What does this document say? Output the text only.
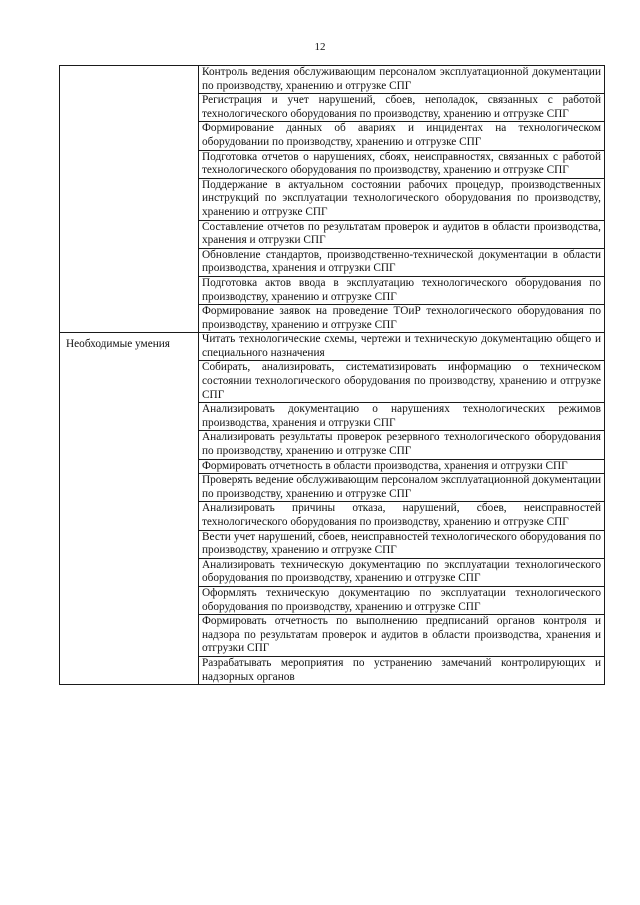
12
	Контроль ведения обслуживающим персоналом эксплуатационной документации по производству, хранению и отгрузке СПГ
	Регистрация и учет нарушений, сбоев, неполадок, связанных с работой технологического оборудования по производству, хранению и отгрузке СПГ
	Формирование данных об авариях и инцидентах на технологическом оборудовании по производству, хранению и отгрузке СПГ
	Подготовка отчетов о нарушениях, сбоях, неисправностях, связанных с работой технологического оборудования по производству, хранению и отгрузке СПГ
	Поддержание в актуальном состоянии рабочих процедур, производственных инструкций по эксплуатации технологического оборудования по производству, хранению и отгрузке СПГ
	Составление отчетов по результатам проверок и аудитов в области производства, хранения и отгрузки СПГ
	Обновление стандартов, производственно-технической документации в области производства, хранения и отгрузки СПГ
	Подготовка актов ввода в эксплуатацию технологического оборудования по производству, хранению и отгрузке СПГ
	Формирование заявок на проведение ТОиР технологического оборудования по производству, хранению и отгрузке СПГ
Необходимые умения	Читать технологические схемы, чертежи и техническую документацию общего и специального назначения
	Собирать, анализировать, систематизировать информацию о техническом состоянии технологического оборудования по производству, хранению и отгрузке СПГ
	Анализировать документацию о нарушениях технологических режимов производства, хранения и отгрузки СПГ
	Анализировать результаты проверок резервного технологического оборудования по производству, хранению и отгрузке СПГ
	Формировать отчетность в области производства, хранения и отгрузки СПГ
	Проверять ведение обслуживающим персоналом эксплуатационной документации по производству, хранению и отгрузке СПГ
	Анализировать причины отказа, нарушений, сбоев, неисправностей технологического оборудования по производству, хранению и отгрузке СПГ
	Вести учет нарушений, сбоев, неисправностей технологического оборудования по производству, хранению и отгрузке СПГ
	Анализировать техническую документацию по эксплуатации технологического оборудования по производству, хранению и отгрузке СПГ
	Оформлять техническую документацию по эксплуатации технологического оборудования по производству, хранению и отгрузке СПГ
	Формировать отчетность по выполнению предписаний органов контроля и надзора по результатам проверок и аудитов в области производства, хранения и отгрузки СПГ
	Разрабатывать мероприятия по устранению замечаний контролирующих и надзорных органов
